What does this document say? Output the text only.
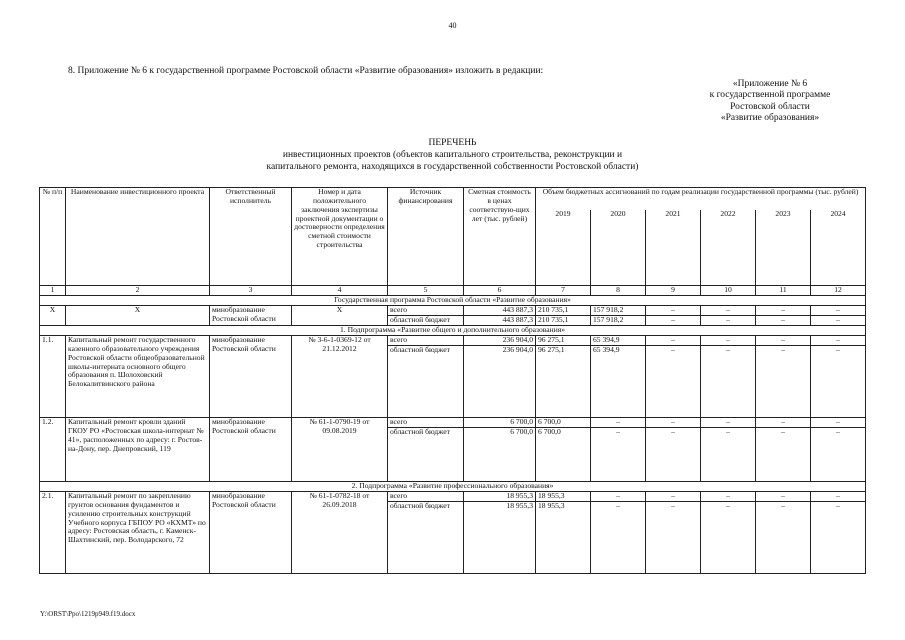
40
8. Приложение № 6 к государственной программе Ростовской области «Развитие образования» изложить в редакции:
«Приложение № 6
к государственной программе
Ростовской области
«Развитие образования»
ПЕРЕЧЕНЬ
инвестиционных проектов (объектов капитального строительства, реконструкции и
капитального ремонта, находящихся в государственной собственности Ростовской области)
№ п/п	Наименование инвестиционного проекта	Ответственный исполнитель	Номер и дата положительного заключения экспертизы проектной документации о достоверности определения сметной стоимости строительства	Источник финансирования	Сметная стоимость в ценах соответствую-щих лет (тыс. рублей)	Объем бюджетных ассигнований по годам реализации государственной программы (тыс. рублей)					
						2019	2020	2021	2022	2023	2024
1	2	3	4	5	6	7	8	9	10	11	12
Государственная программа Ростовской области «Развитие образования»											
Х	Х	минобразование Ростовской области	Х	всего	443 887,3	210 735,1	157 918,2	–	–	–	–
				областной бюджет	443 887,3	210 735,1	157 918,2	–	–	–	–
1. Подпрограмма «Развитие общего и дополнительного образования»											
1.1.	Капитальный ремонт государственного казенного образовательного учреждения Ростовской области общеобразовательной школы-интерната основного общего образования п. Шолоховский Белокалитвинского района	минобразование Ростовской области	№ 3-6-1-0369-12 от 21.12.2012	всего	236 904,0	96 275,1	65 394,9	–	–	–	–
				областной бюджет	236 904,0	96 275,1	65 394,9	–	–	–	–
1.2.	Капитальный ремонт кровли зданий ГКОУ РО «Ростовская школа-интернат № 41», расположенных по адресу: г. Ростов-на-Дону, пер. Днепровский, 119	минобразование Ростовской области	№ 61-1-0790-19 от 09.08.2019	всего	6 700,0	6 700,0	–	–	–	–	–
				областной бюджет	6 700,0	6 700,0	–	–	–	–	–
2. Подпрограмма «Развитие профессионального образования»											
2.1.	Капитальный ремонт по закреплению грунтов основания фундаментов и усилению строительных конструкций Учебного корпуса ГБПОУ РО «КХМТ» по адресу: Ростовская область, г. Каменск-Шахтинский, пер. Володарского, 72	минобразование Ростовской области	№ 61-1-0782-18 от 26.09.2018	всего	18 955,3	18 955,3	–	–	–	–	–
				областной бюджет	18 955,3	18 955,3	–	–	–	–	–
Y:\ORST\Ppo\1219p949.f19.docx
